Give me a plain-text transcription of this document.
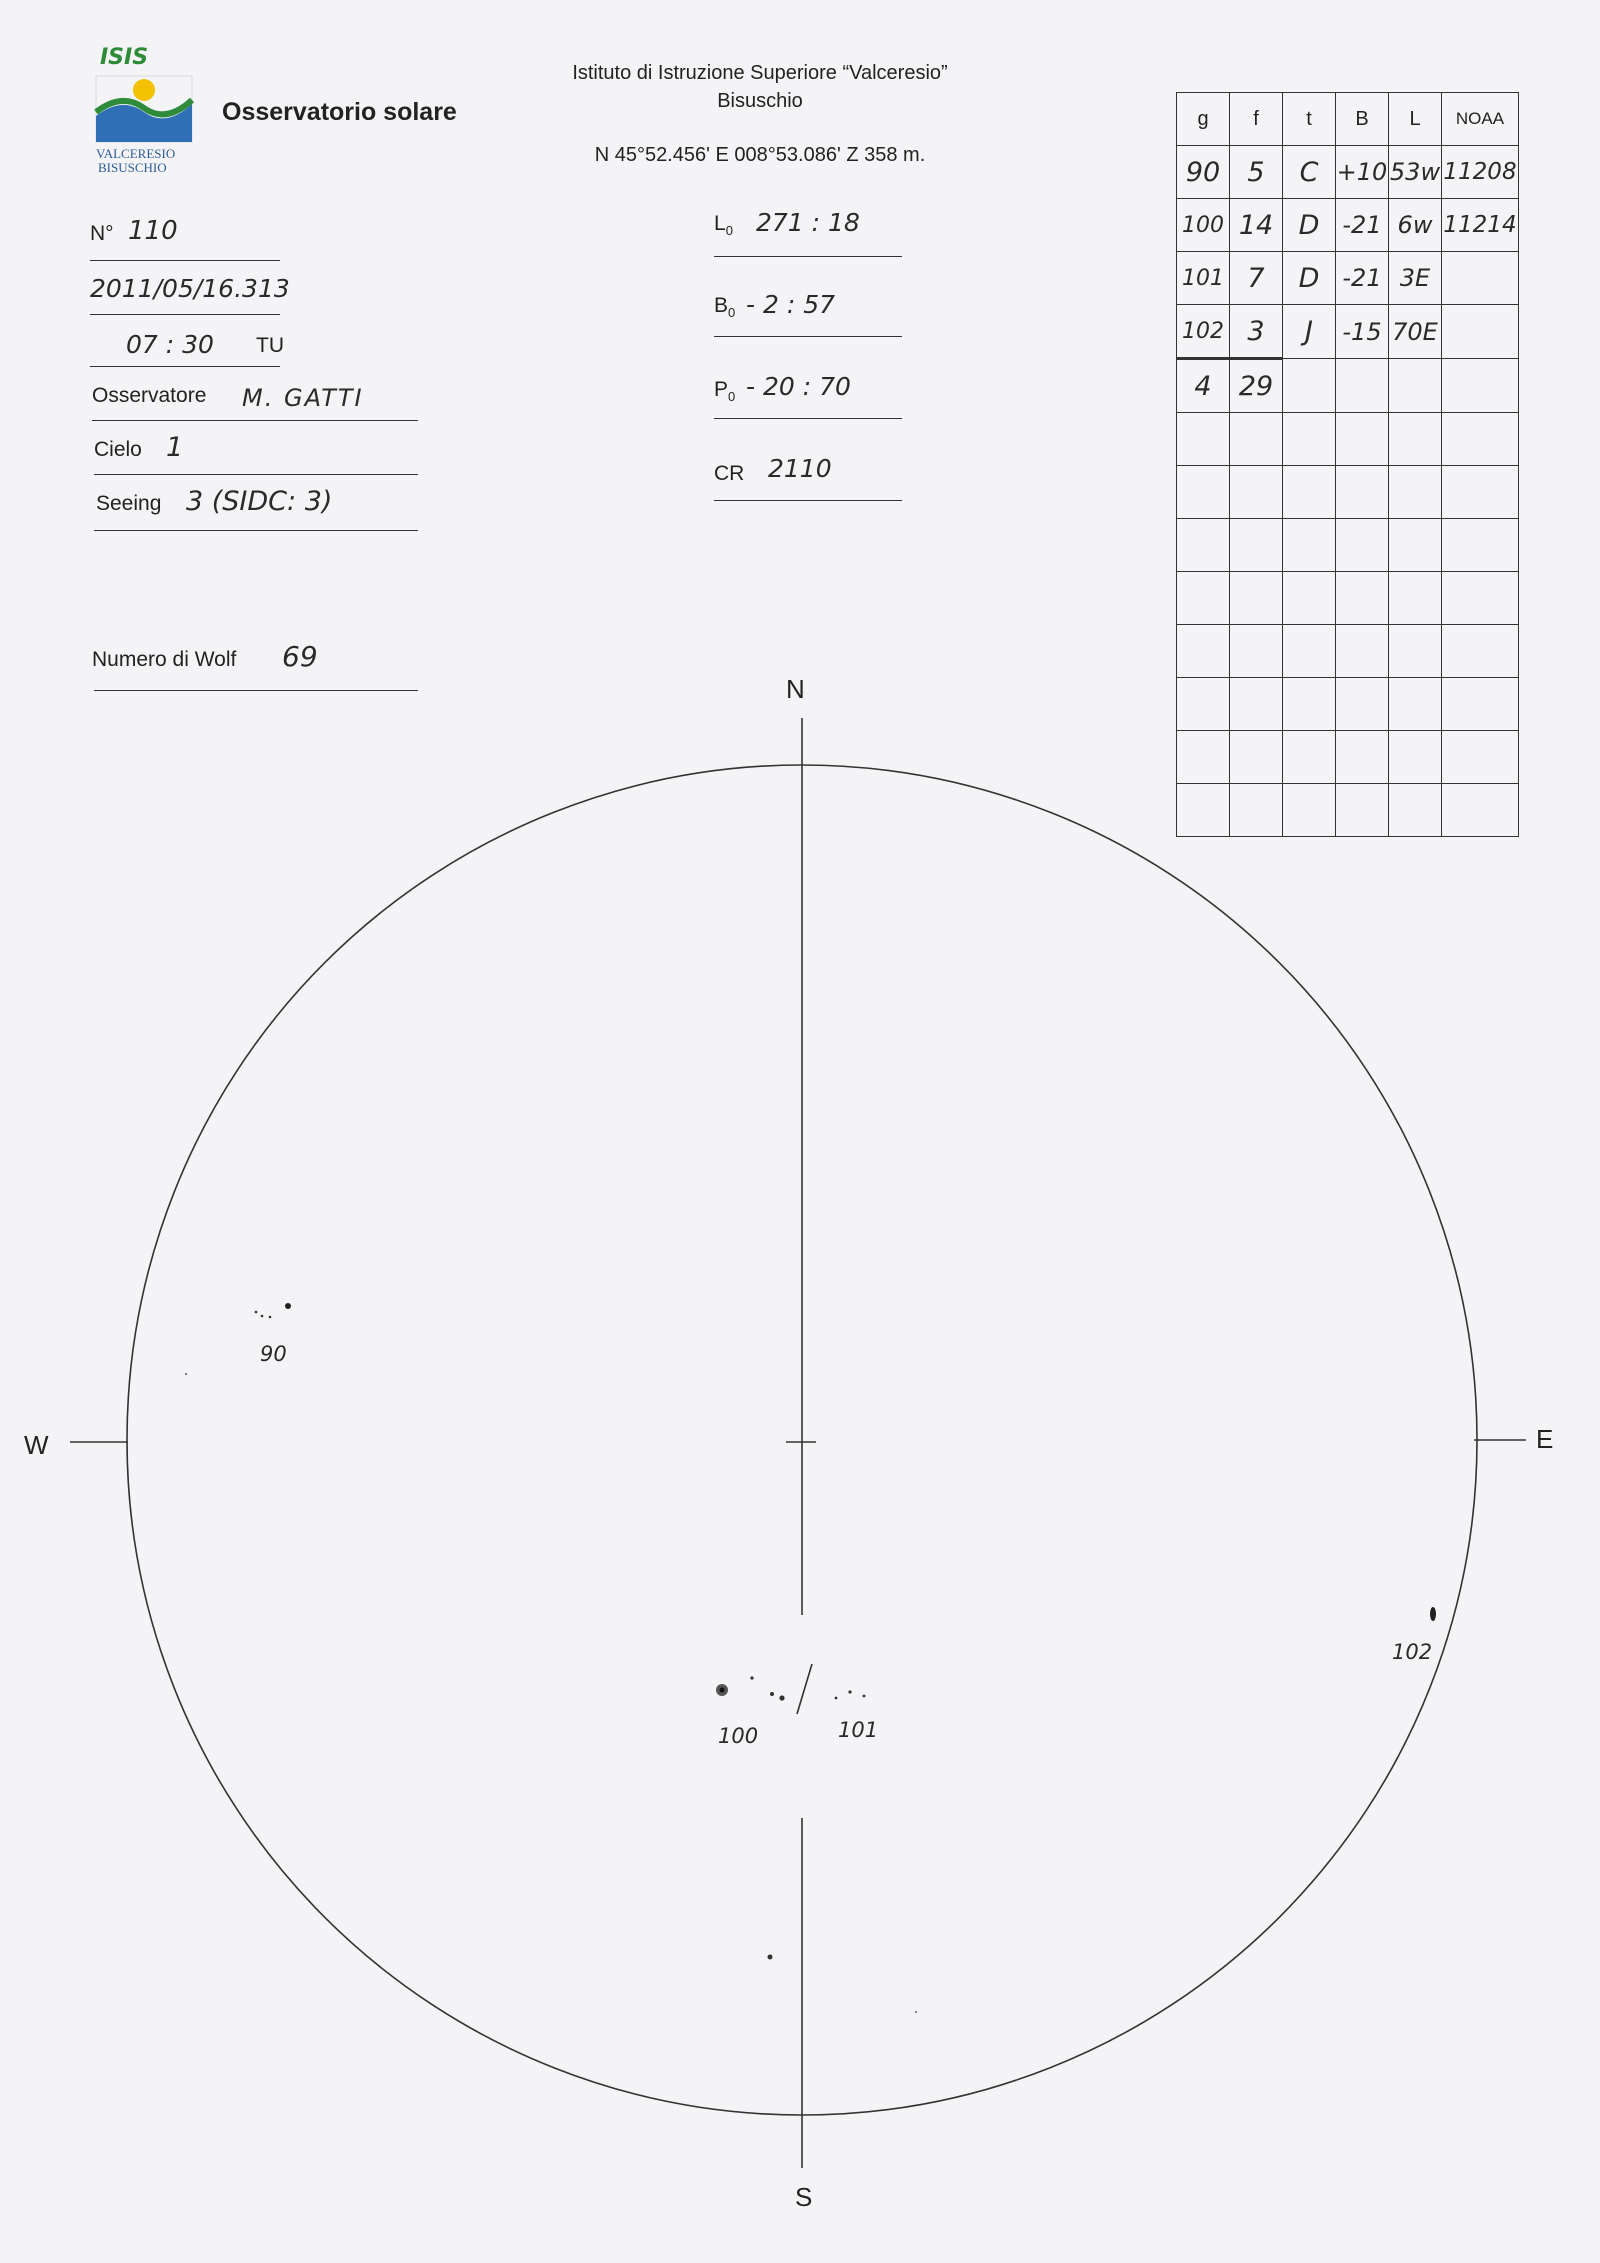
ISIS
VALCERESIO
BISUSCHIO
Osservatorio solare
Istituto di Istruzione Superiore “Valceresio”
Bisuschio
N 45°52.456' E 008°53.086' Z 358 m.
N° 110
2011/05/16.313
07 : 30 TU
Osservatore M. GATTI
Cielo 1
Seeing 3 (SIDC: 3)
Numero di Wolf 69
$L_0$ 271 : 18
$B_0 - 2$ : 57
$P_0 - 20$ : 70
CR 2110
g	f	t	B	L	NOAA
90	5	C	+10	53w	11208
100	14	D	-21	6w	11214
101	7	D	-21	3E	
102	3	J	-15	70E	
4	29				

N
S
W	E
90
100	101
102
